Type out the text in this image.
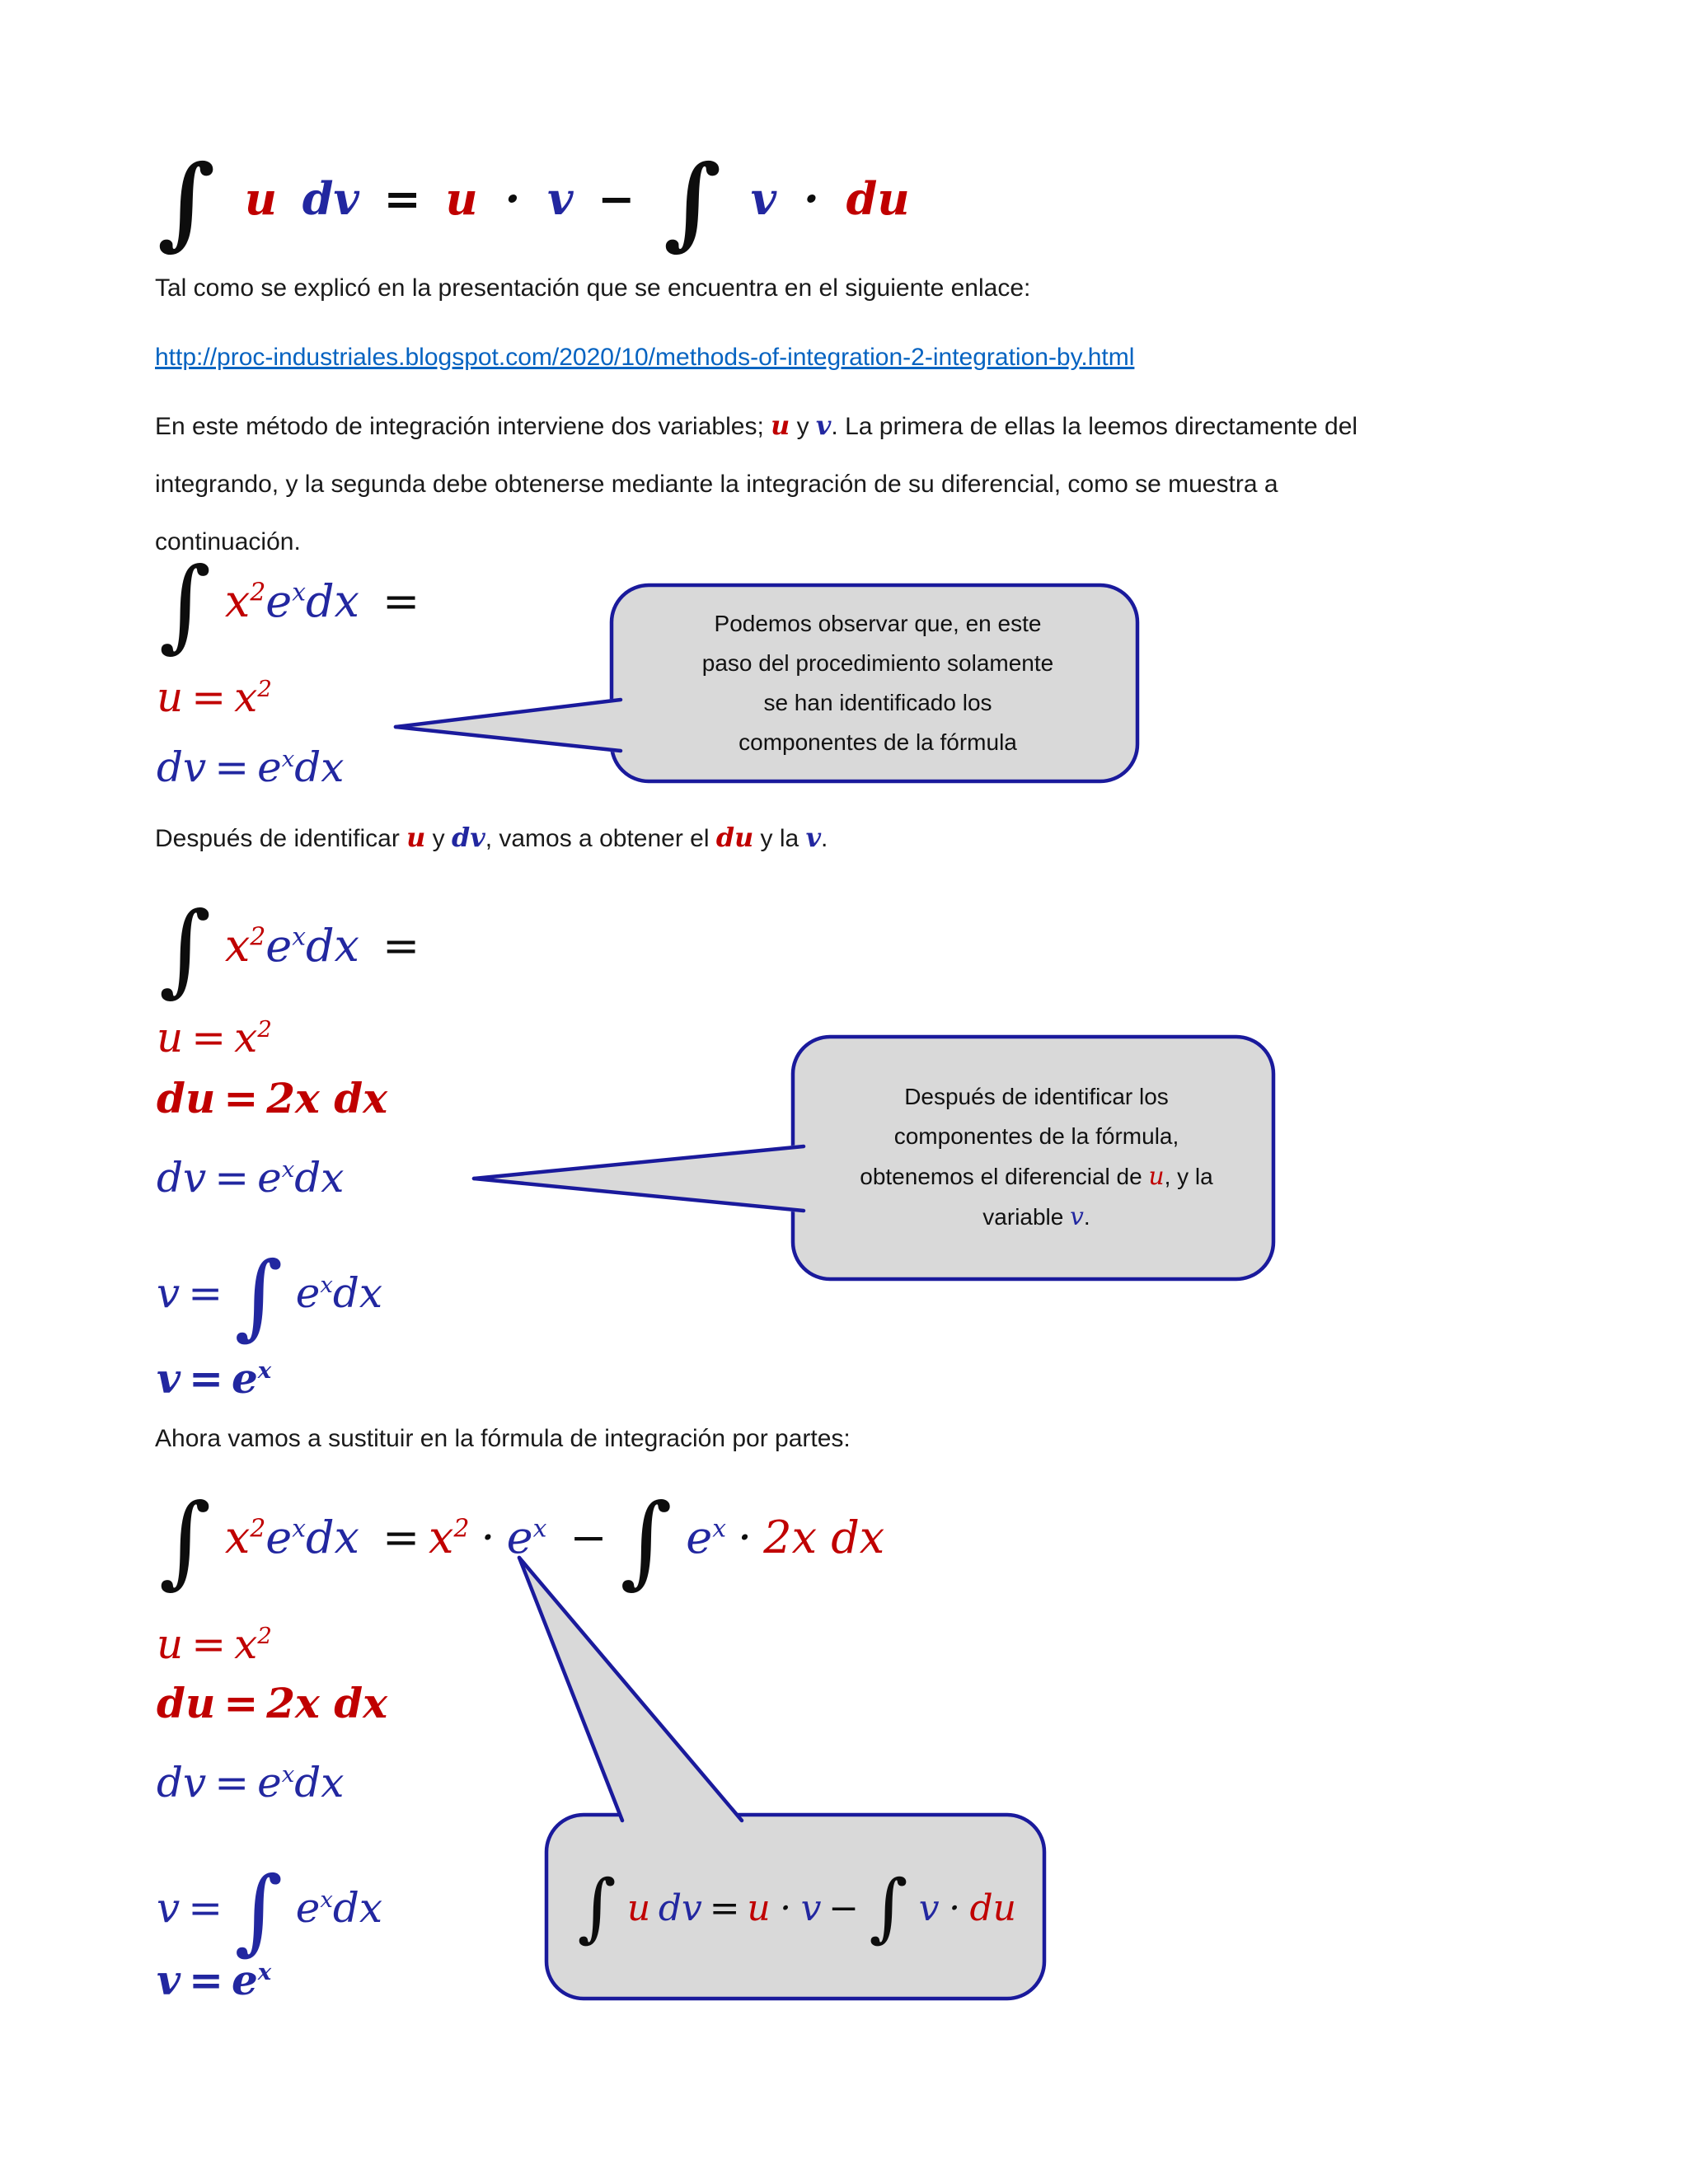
∫ u dv = u · v − ∫ v · du
Tal como se explicó en la presentación que se encuentra en el siguiente enlace:
http://proc-industriales.blogspot.com/2020/10/methods-of-integration-2-integration-by.html
En este método de integración interviene dos variables; u y v. La primera de ellas la leemos directamente del
integrando, y la segunda debe obtenerse mediante la integración de su diferencial, como se muestra a
continuación.
∫ $x^2e^xdx$ =
$u = x^2$
dv = $e^xdx$
Podemos observar que, en este
paso del procedimiento solamente
se han identificado los
componentes de la fórmula
Después de identificar u y dv, vamos a obtener el du y la v.
∫ $x^2e^xdx$ =
$u = x^2$
du = 2x dx
dv = $e^xdx$
v = ∫ $e^xdx$
$v = e^x$
Después de identificar los
componentes de la fórmula,
obtenemos el diferencial de u, y la
variable v.
Ahora vamos a sustituir en la fórmula de integración por partes:
∫ $x^2e^xdx = x^2 \cdot e^x$ − ∫ $e^x \cdot 2x$ dx
$u = x^2$
du = 2x dx
dv = $e^xdx$
v = ∫ $e^xdx$
$v = e^x$
∫ u dv = u · v − ∫ v · du
